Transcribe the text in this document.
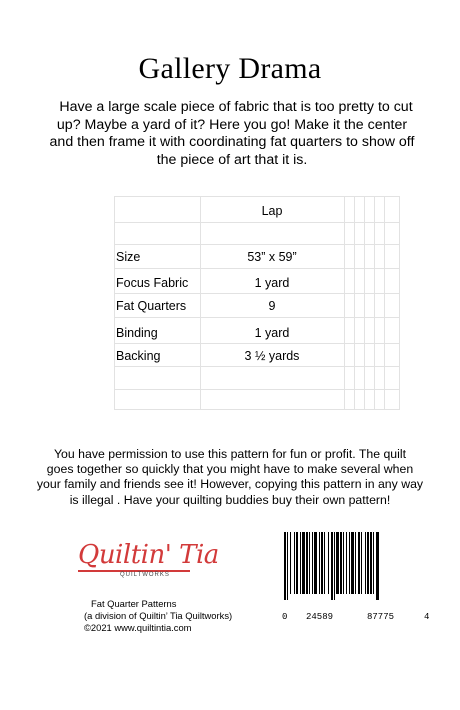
Gallery Drama
Have a large scale piece of fabric that is too pretty to cut
up? Maybe a yard of it? Here you go! Make it the center
and then frame it with coordinating fat quarters to show off
the piece of art that it is.
Lap
Size	53” x 59”
Focus Fabric	1 yard
Fat Quarters	9
Binding	1 yard
Backing	3 ½ yards
You have permission to use this pattern for fun or profit. The quilt
goes together so quickly that you might have to make several when
your family and friends see it! However, copying this pattern in any way
is illegal . Have your quilting buddies buy their own pattern!
Quiltin' Tia
QUILTWORKS
Fat Quarter Patterns
(a division of Quiltin’ Tia Quiltworks)
©2021 www.quiltintia.com
0 24589	87775	4
